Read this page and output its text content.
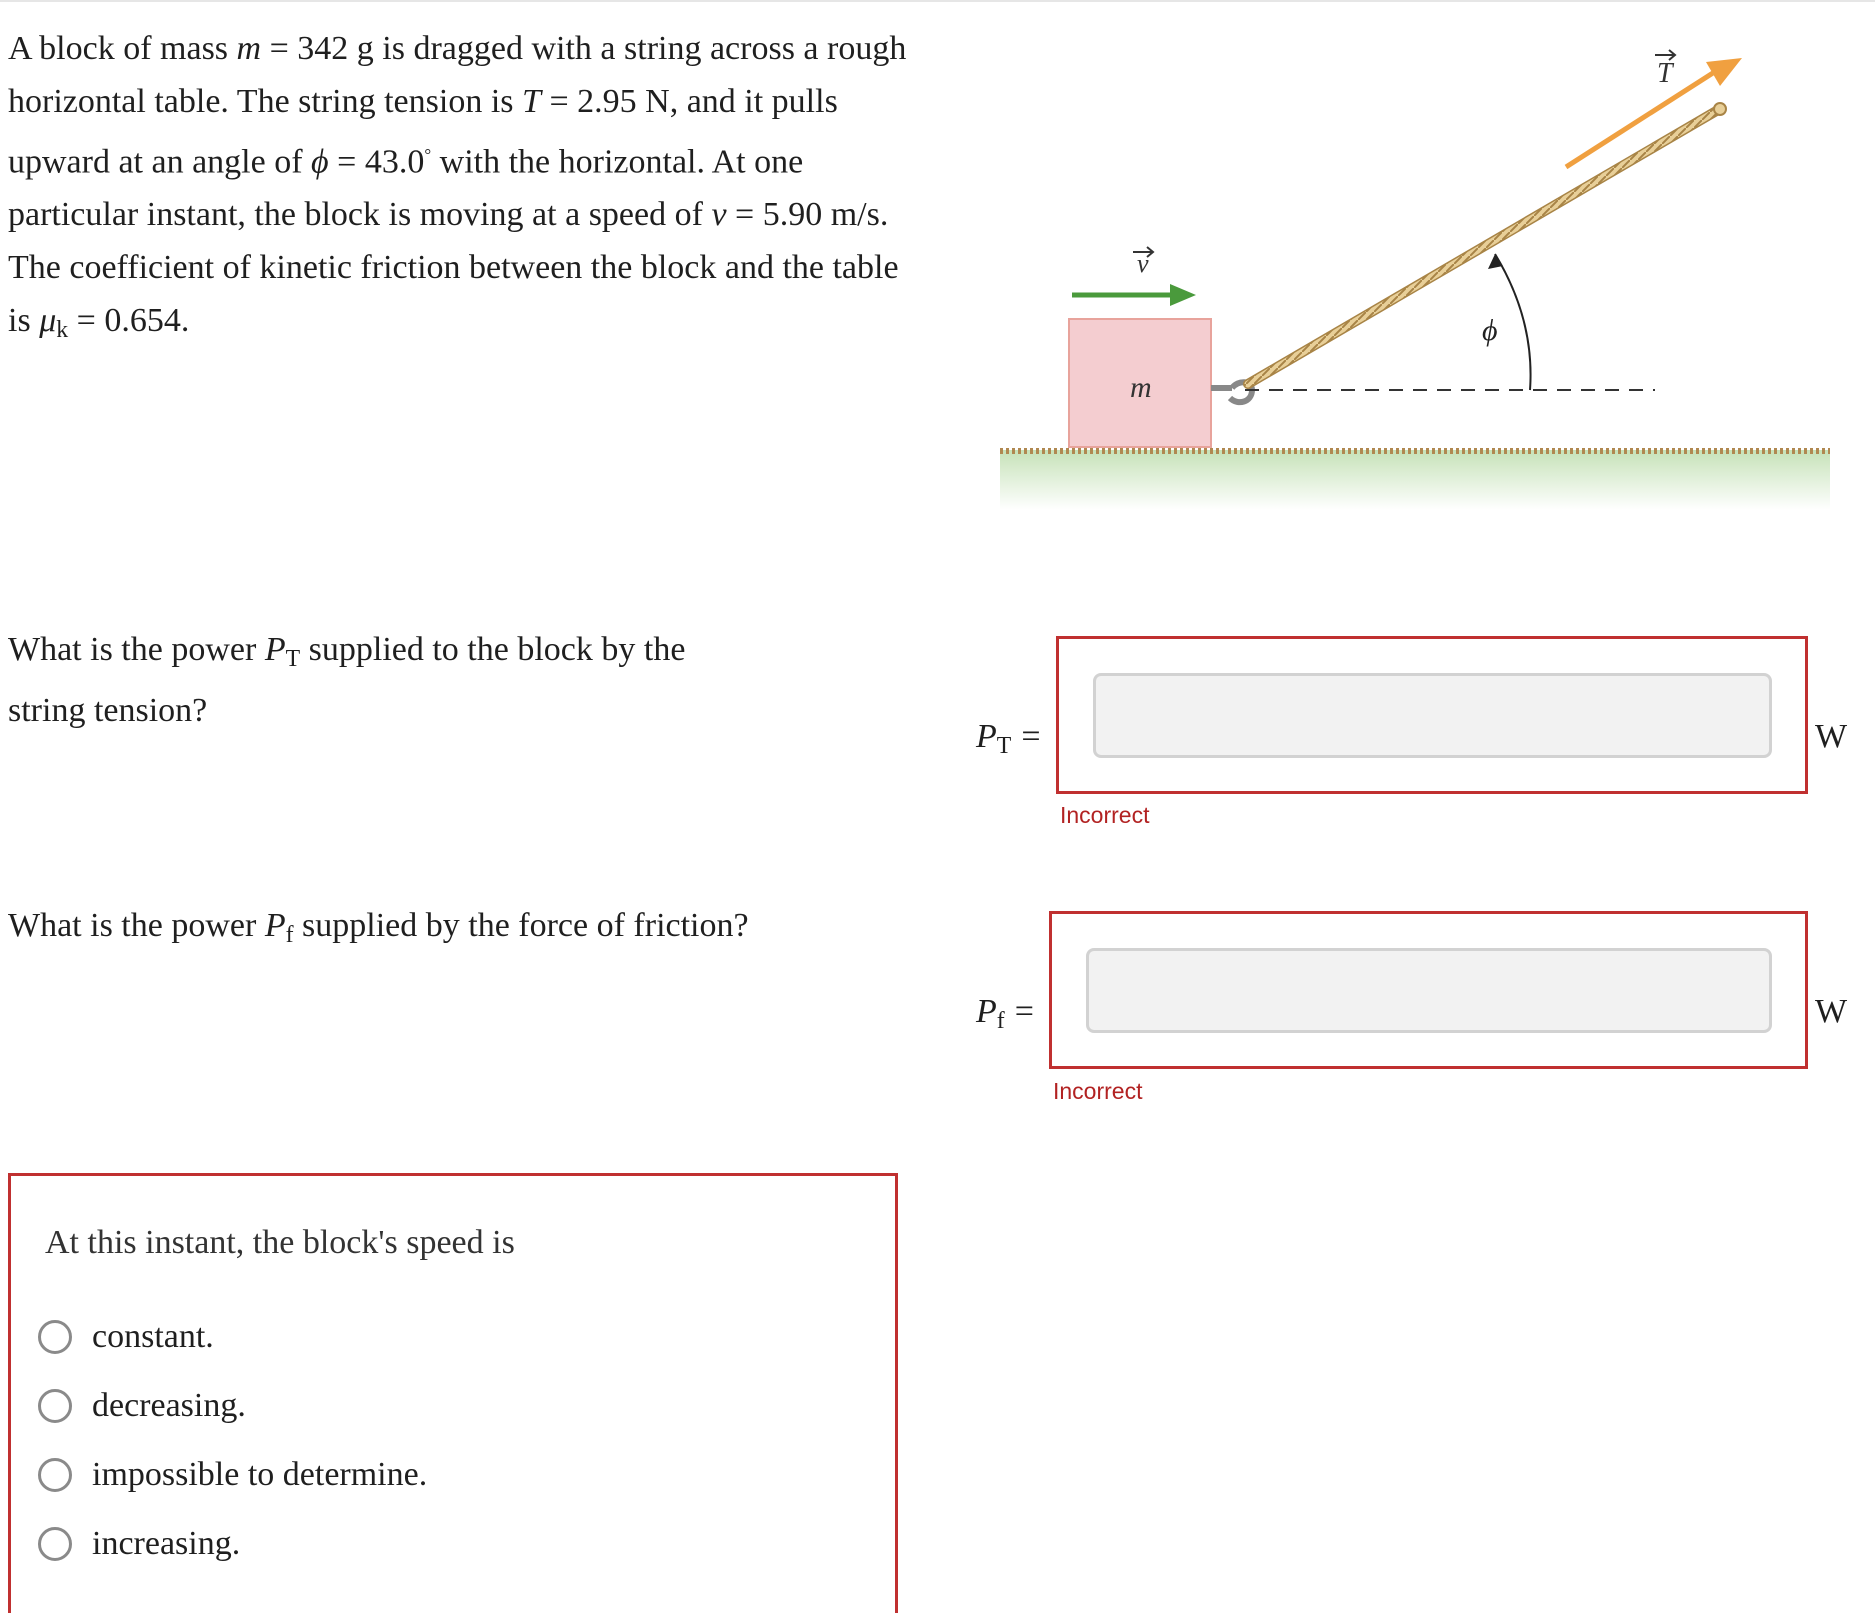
A block of mass m = 342 g is dragged with a string across a rough horizontal table. The string tension is T = 2.95 N, and it pulls upward at an angle of ϕ = 43.0° with the horizontal. At one particular instant, the block is moving at a speed of v = 5.90 m/s. The coefficient of kinetic friction between the block and the table is $\mu_k = 0.654$.

m
ϕ
v
T
What is the power $P_T$ supplied to the block by the string tension?
$P_T$ =	W
Incorrect
What is the power $P_f$ supplied by the force of friction?
$P_f$ =	W
Incorrect
At this instant, the block's speed is
constant.
decreasing.
impossible to determine.
increasing.
